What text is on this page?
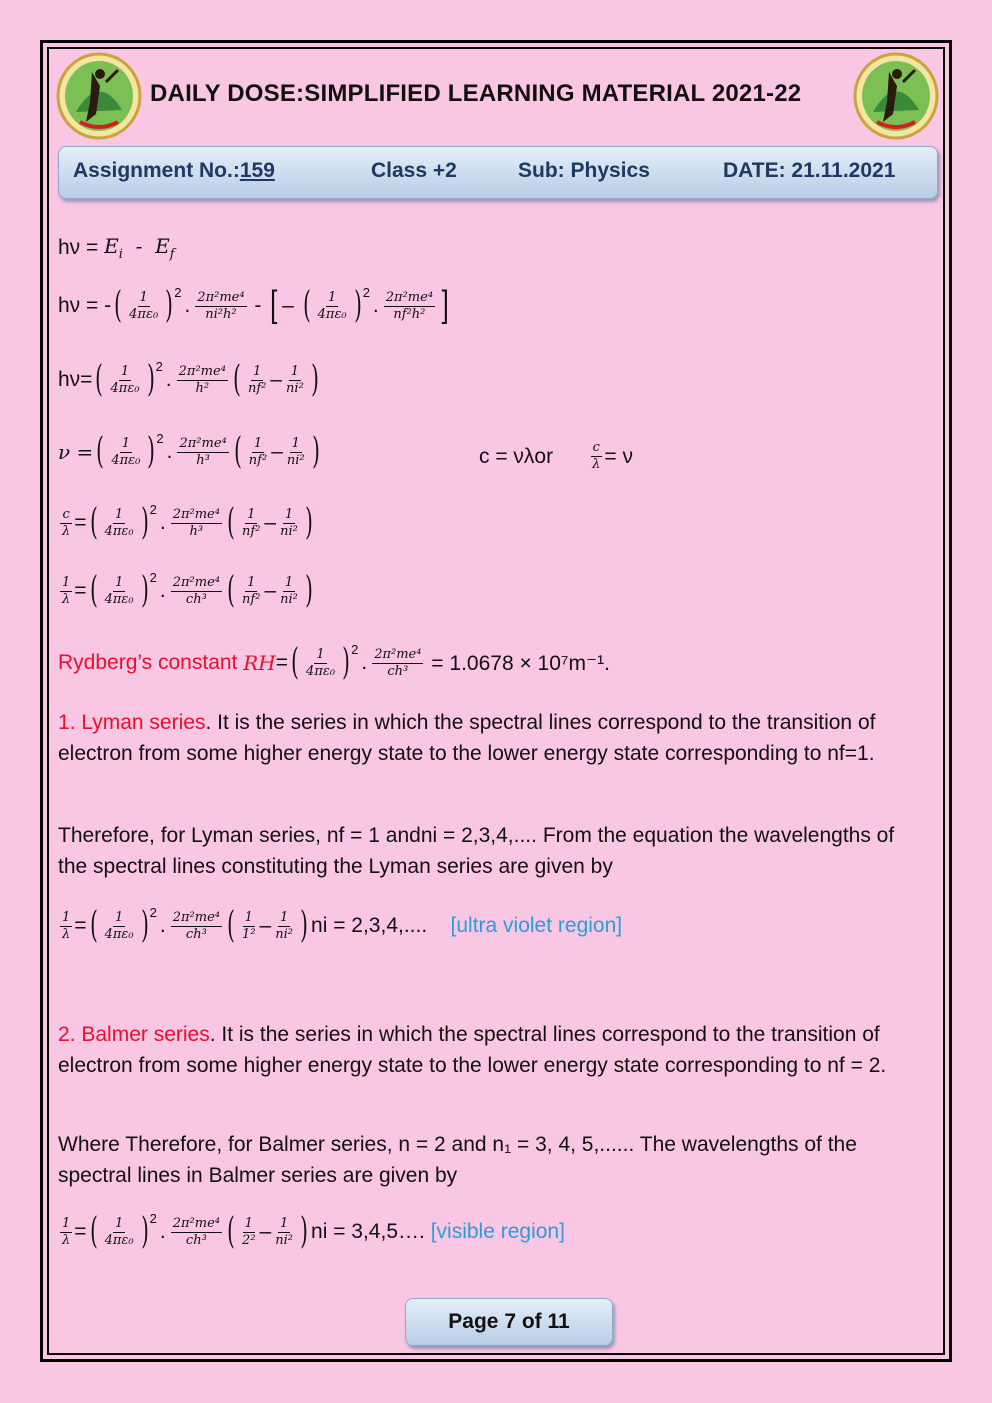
DAILY DOSE:SIMPLIFIED LEARNING MATERIAL 2021-22
Assignment No.:159	Class +2	Sub: Physics	DATE: 21.11.2021
hν =
$E_i - E_f$
hν = - ( $\frac{1}{\text{4πε₀}}$ ) 2
. $\frac{\text{2π²me⁴}}{\text{ni²h²}}$ - [ – ( $\frac{1}{\text{4πε₀}}$ ) 2
. $\frac{\text{2π²me⁴}}{\text{nf²h²}}$ ]
hν= ( $\frac{1}{\text{4πε₀}}$ ) 2
. $\frac{\text{2π²me⁴}}{\text{h²}}$ ( $\frac{1}{\text{nf²}} - \frac{1}{\text{ni²}}$ )
ν = ( $\frac{1}{\text{4πε₀}}$ ) 2
. $\frac{\text{2π²me⁴}}{\text{h³}}$ ( $\frac{1}{\text{nf²}} - \frac{1}{\text{ni²}}$ )	c = νλor
	$\frac{c}{\lambda} = \nu$
$\frac{c}{\lambda}$ = ( $\frac{1}{\text{4πε₀}}$ ) 2
. $\frac{\text{2π²me⁴}}{\text{h³}}$ ( $\frac{1}{\text{nf²}} - \frac{1}{\text{ni²}}$ )
$\frac{1}{\lambda}$ = ( $\frac{1}{\text{4πε₀}}$ ) 2
. $\frac{\text{2π²me⁴}}{\text{ch³}}$ ( $\frac{1}{\text{nf²}} - \frac{1}{\text{ni²}}$ )
Rydberg’s constant
RH = ( $\frac{1}{\text{4πε₀}}$ ) 2
. $\frac{\text{2π²me⁴}}{\text{ch³}}$
= 1.0678 × 10⁷m⁻¹.
1. Lyman series. It is the series in which the spectral lines correspond to the transition of electron from some higher energy state to the lower energy state corresponding to nf=1.
Therefore, for Lyman series, nf = 1 andni = 2,3,4,.... From the equation the wavelengths of the spectral lines constituting the Lyman series are given by
$\frac{1}{\lambda}$ = ( $\frac{1}{\text{4πε₀}}$ ) 2
. $\frac{\text{2π²me⁴}}{\text{ch³}}$ ( $\frac{1}{\text{1²}} - \frac{1}{\text{ni²}}$ ) ni = 2,3,4,....
[ultra violet region]
2. Balmer series. It is the series in which the spectral lines correspond to the transition of electron from some higher energy state to the lower energy state corresponding to nf = 2.
Where Therefore, for Balmer series, n = 2 and n₁ = 3, 4, 5,...... The wavelengths of the spectral lines in Balmer series are given by
$\frac{1}{\lambda}$ = ( $\frac{1}{\text{4πε₀}}$ ) 2
. $\frac{\text{2π²me⁴}}{\text{ch³}}$ ( $\frac{1}{\text{2²}} - \frac{1}{\text{ni²}}$ ) ni = 3,4,5….
[visible region]
Page 7 of 11
